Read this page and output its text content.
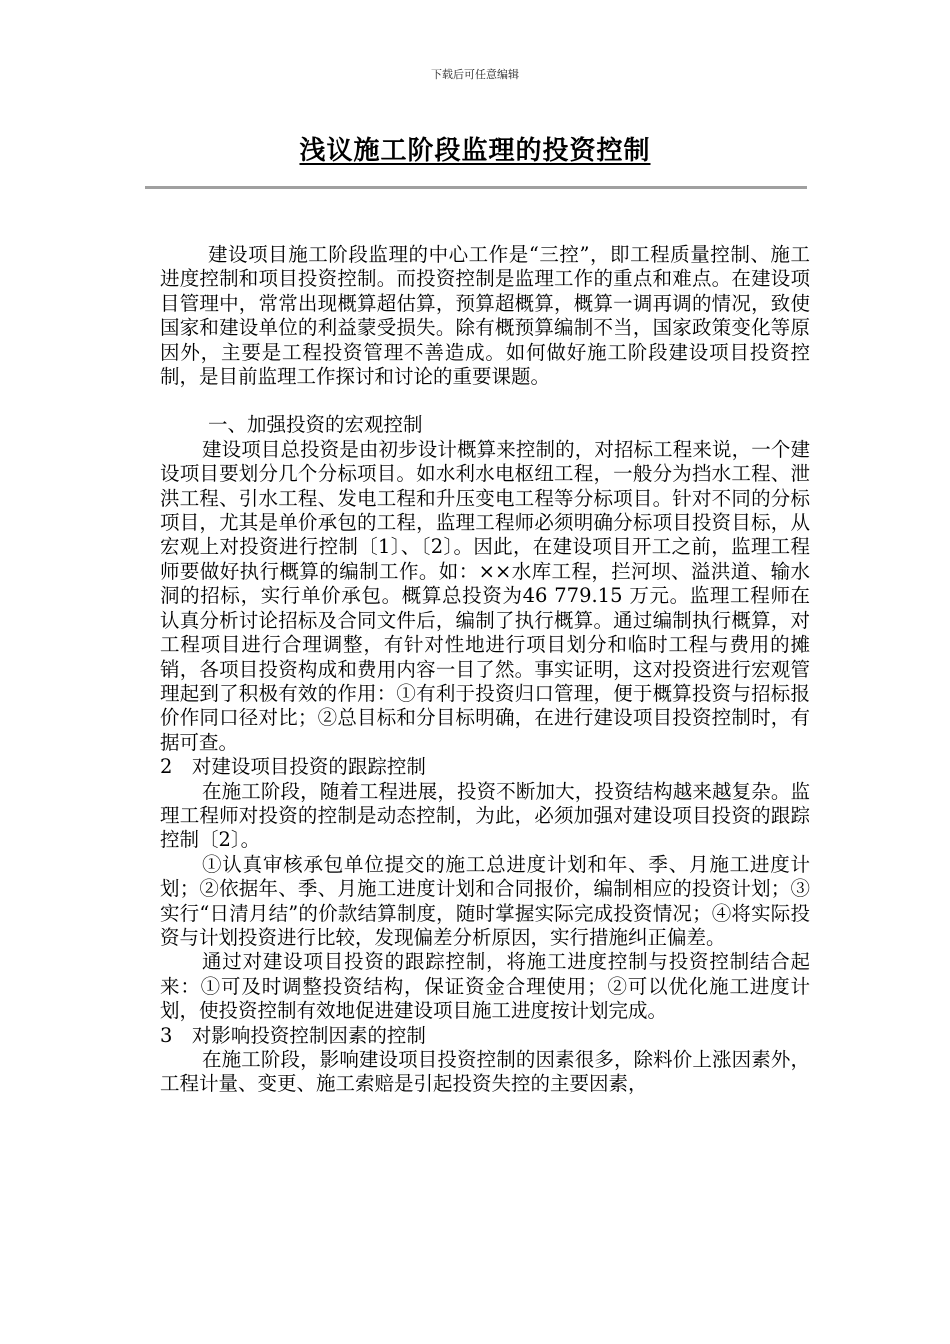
下载后可任意编辑
浅议施工阶段监理的投资控制

建设项目施工阶段监理的中心工作是“三控”，即工程质量控制、施工进度控制和项目投资控制。而投资控制是监理工作的重点和难点。在建设项目管理中，常常出现概算超估算，预算超概算，概算一调再调的情况，致使国家和建设单位的利益蒙受损失。除有概预算编制不当，国家政策变化等原因外，主要是工程投资管理不善造成。如何做好施工阶段建设项目投资控制，是目前监理工作探讨和讨论的重要课题。

一、加强投资的宏观控制

建设项目总投资是由初步设计概算来控制的，对招标工程来说，一个建设项目要划分几个分标项目。如水利水电枢纽工程，一般分为挡水工程、泄洪工程、引水工程、发电工程和升压变电工程等分标项目。针对不同的分标项目，尤其是单价承包的工程，监理工程师必须明确分标项目投资目标，从宏观上对投资进行控制〔1〕、〔2〕。因此，在建设项目开工之前，监理工程师要做好执行概算的编制工作。如：××水库工程，拦河坝、溢洪道、输水洞的招标，实行单价承包。概算总投资为46 779.15 万元。监理工程师在认真分析讨论招标及合同文件后，编制了执行概算。通过编制执行概算，对工程项目进行合理调整，有针对性地进行项目划分和临时工程与费用的摊销，各项目投资构成和费用内容一目了然。事实证明，这对投资进行宏观管理起到了积极有效的作用：①有利于投资归口管理，便于概算投资与招标报价作同口径对比；②总目标和分目标明确，在进行建设项目投资控制时，有据可查。

2　对建设项目投资的跟踪控制

在施工阶段，随着工程进展，投资不断加大，投资结构越来越复杂。监理工程师对投资的控制是动态控制，为此，必须加强对建设项目投资的跟踪控制〔2〕。

①认真审核承包单位提交的施工总进度计划和年、季、月施工进度计划；②依据年、季、月施工进度计划和合同报价，编制相应的投资计划；③实行“日清月结”的价款结算制度，随时掌握实际完成投资情况；④将实际投资与计划投资进行比较，发现偏差分析原因，实行措施纠正偏差。

通过对建设项目投资的跟踪控制，将施工进度控制与投资控制结合起来：①可及时调整投资结构，保证资金合理使用；②可以优化施工进度计划，使投资控制有效地促进建设项目施工进度按计划完成。

3　对影响投资控制因素的控制

在施工阶段，影响建设项目投资控制的因素很多，除料价上涨因素外，工程计量、变更、施工索赔是引起投资失控的主要因素，
